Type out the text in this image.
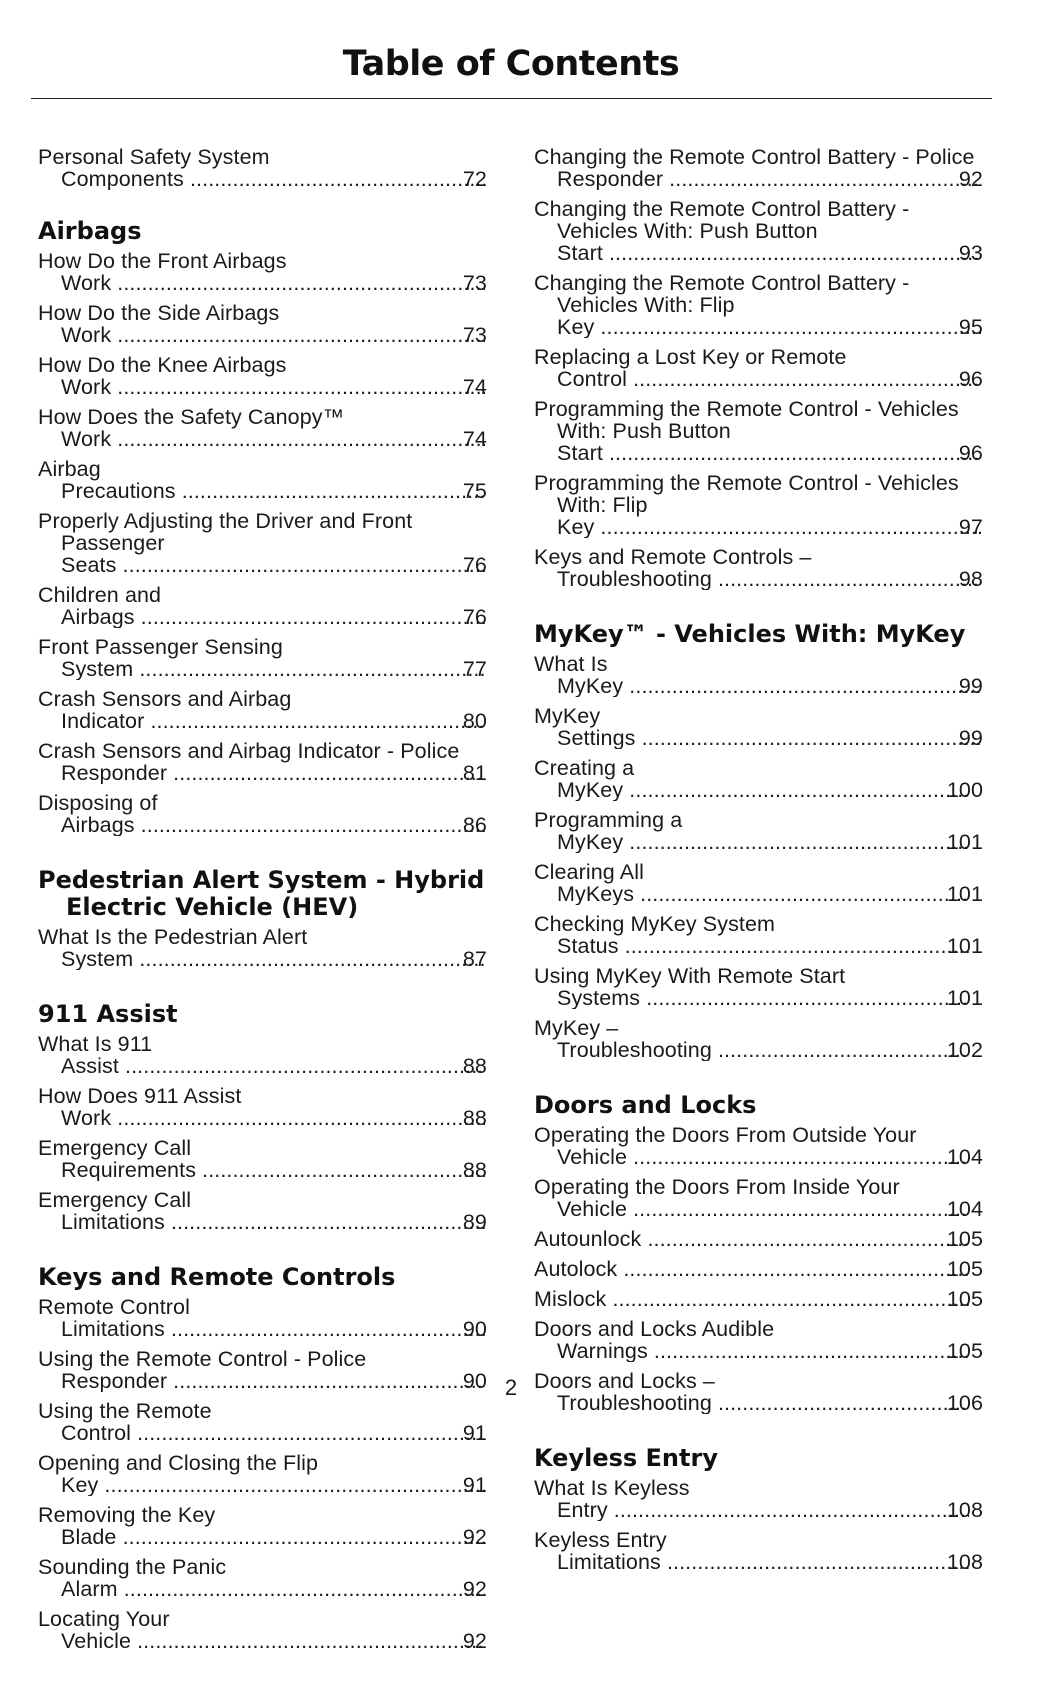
Table of Contents
Personal Safety System Components .....	72
Airbags
How Do the Front Airbags Work .....	73
How Do the Side Airbags Work .....	73
How Do the Knee Airbags Work .....	74
How Does the Safety Canopy™ Work .....	74
Airbag Precautions .....	75
Properly Adjusting the Driver and Front Passenger Seats .....	76
Children and Airbags .....	76
Front Passenger Sensing System .....	77
Crash Sensors and Airbag Indicator .....	80
Crash Sensors and Airbag Indicator - Police Responder .....	81
Disposing of Airbags .....	86
Pedestrian Alert System - Hybrid Electric Vehicle (HEV)
What Is the Pedestrian Alert System .....	87
911 Assist
What Is 911 Assist .....	88
How Does 911 Assist Work .....	88
Emergency Call Requirements .....	88
Emergency Call Limitations .....	89
Keys and Remote Controls
Remote Control Limitations .....	90
Using the Remote Control - Police Responder .....	90
Using the Remote Control .....	91
Opening and Closing the Flip Key .....	91
Removing the Key Blade .....	92
Sounding the Panic Alarm .....	92
Locating Your Vehicle .....	92
Changing the Remote Control Battery - Police Responder .....	92
Changing the Remote Control Battery - Vehicles With: Push Button Start .....	93
Changing the Remote Control Battery - Vehicles With: Flip Key .....	95
Replacing a Lost Key or Remote Control .....	96
Programming the Remote Control - Vehicles With: Push Button Start .....	96
Programming the Remote Control - Vehicles With: Flip Key .....	97
Keys and Remote Controls – Troubleshooting .....	98
MyKey™ - Vehicles With: MyKey
What Is MyKey .....	99
MyKey Settings .....	99
Creating a MyKey .....	100
Programming a MyKey .....	101
Clearing All MyKeys .....	101
Checking MyKey System Status .....	101
Using MyKey With Remote Start Systems .....	101
MyKey – Troubleshooting .....	102
Doors and Locks
Operating the Doors From Outside Your Vehicle .....	104
Operating the Doors From Inside Your Vehicle .....	104
Autounlock .....	105
Autolock .....	105
Mislock .....	105
Doors and Locks Audible Warnings .....	105
Doors and Locks – Troubleshooting .....	106
Keyless Entry
What Is Keyless Entry .....	108
Keyless Entry Limitations .....	108
2
